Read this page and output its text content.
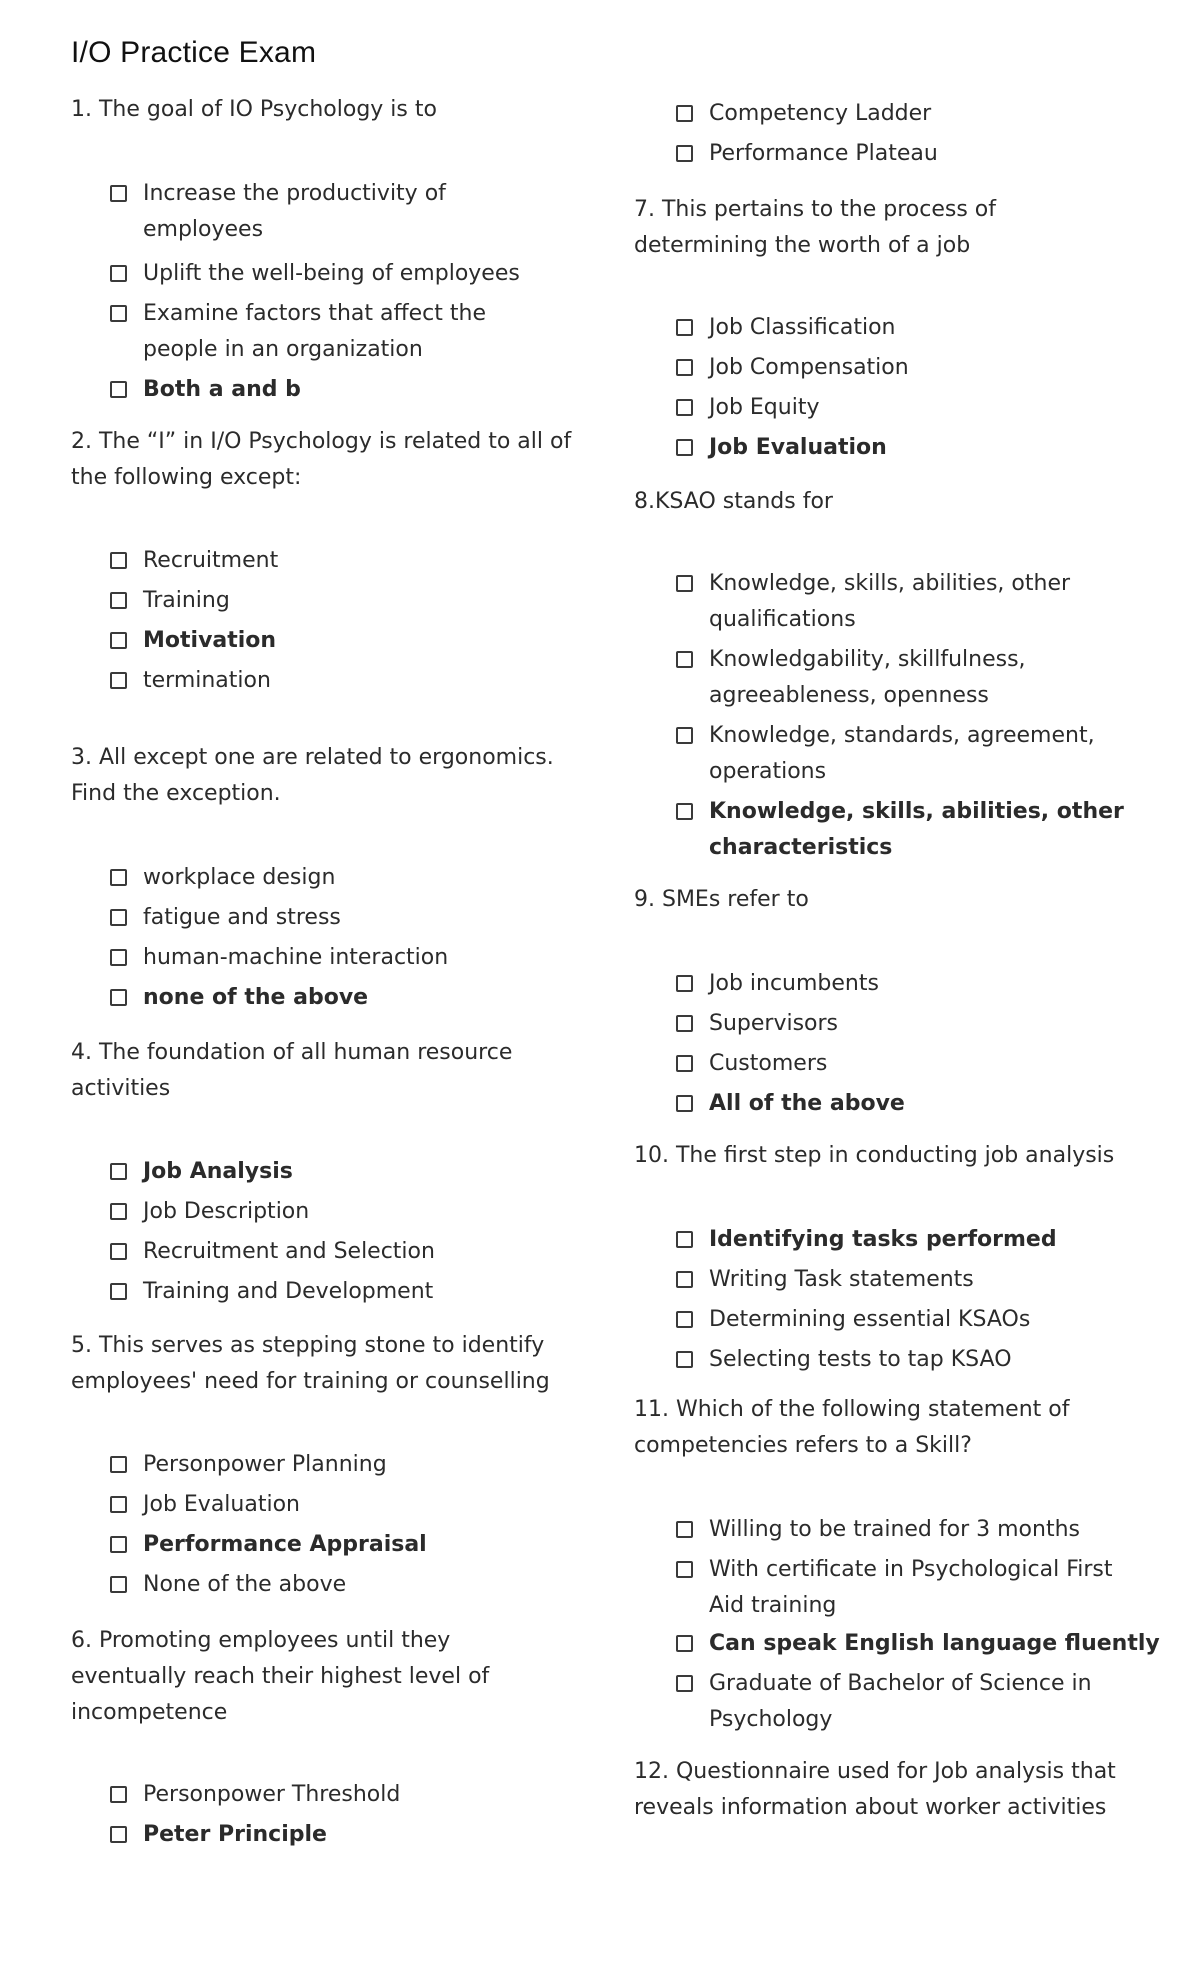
I/O Practice Exam
1. The goal of IO Psychology is to
Increase the productivity of
employees
Uplift the well-being of employees
Examine factors that affect the
people in an organization
Both a and b
2. The “I” in I/O Psychology is related to all of
the following except:
Recruitment
Training
Motivation
termination
3. All except one are related to ergonomics.
Find the exception.
workplace design
fatigue and stress
human-machine interaction
none of the above
4. The foundation of all human resource
activities
Job Analysis
Job Description
Recruitment and Selection
Training and Development
5. This serves as stepping stone to identify
employees' need for training or counselling
Personpower Planning
Job Evaluation
Performance Appraisal
None of the above
6. Promoting employees until they
eventually reach their highest level of
incompetence
Personpower Threshold
Peter Principle
Competency Ladder
Performance Plateau
7. This pertains to the process of
determining the worth of a job
Job Classification
Job Compensation
Job Equity
Job Evaluation
8.KSAO stands for
Knowledge, skills, abilities, other
qualifications
Knowledgability, skillfulness,
agreeableness, openness
Knowledge, standards, agreement,
operations
Knowledge, skills, abilities, other
characteristics
9. SMEs refer to
Job incumbents
Supervisors
Customers
All of the above
10. The first step in conducting job analysis
Identifying tasks performed
Writing Task statements
Determining essential KSAOs
Selecting tests to tap KSAO
11. Which of the following statement of
competencies refers to a Skill?
Willing to be trained for 3 months
With certificate in Psychological First
Aid training
Can speak English language fluently
Graduate of Bachelor of Science in
Psychology
12. Questionnaire used for Job analysis that
reveals information about worker activities
